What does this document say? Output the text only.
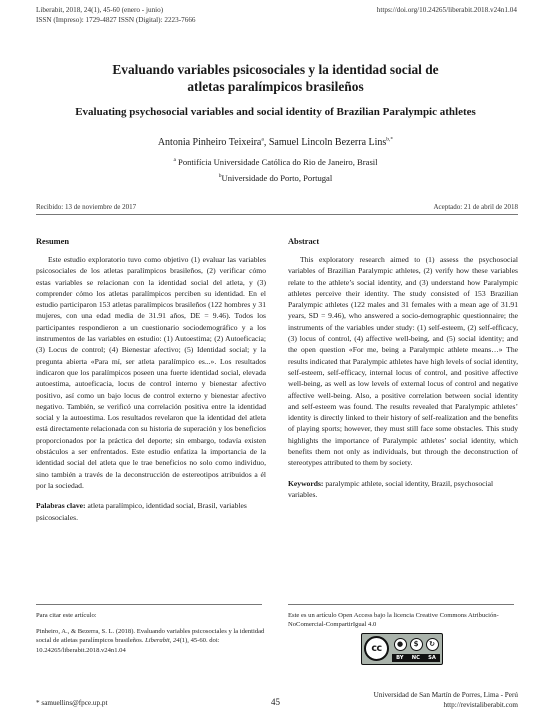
Liberabit, 2018, 24(1), 45-60 (enero - junio)
ISSN (Impreso): 1729-4827 ISSN (Digital): 2223-7666
https://doi.org/10.24265/liberabit.2018.v24n1.04
Evaluando variables psicosociales y la identidad social de
atletas paralímpicos brasileños
Evaluating psychosocial variables and social identity of Brazilian Paralympic athletes
Antonia Pinheiro Teixeira$^a$, Samuel Lincoln Bezerra Lins$^{b,*}$
$^a$ Pontifícia Universidade Católica do Rio de Janeiro, Brasil
$^b$Universidade do Porto, Portugal
Recibido: 13 de noviembre de 2017	Aceptado: 21 de abril de 2018
Resumen

Este estudio exploratorio tuvo como objetivo (1) evaluar las variables psicosociales de los atletas paralímpicos brasileños, (2) verificar cómo estas variables se relacionan con la identidad social del atleta, y (3) comprender cómo los atletas paralímpicos perciben su identidad. En el estudio participaron 153 atletas paralímpicos brasileños (122 hombres y 31 mujeres, con una edad media de 31.91 años, DE = 9.46). Todos los participantes respondieron a un cuestionario sociodemográfico y a los instrumentos de las variables en estudio: (1) Autoestima; (2) Autoeficacia; (3) Locus de control; (4) Bienestar afectivo; (5) Identidad social; y la pregunta abierta «Para mí, ser atleta paralímpico es...». Los resultados indicaron que los paralímpicos poseen una fuerte identidad social, elevada autoestima, autoeficacia, locus de control interno y bienestar afectivo positivo, así como un bajo locus de control externo y bienestar afectivo negativo. También, se verificó una correlación positiva entre la identidad social y la autoestima. Los resultados revelaron que la identidad del atleta está directamente relacionada con su historia de superación y los beneficios proporcionados por la práctica del deporte; sin embargo, todavía existen obstáculos a ser enfrentados. Este estudio enfatiza la importancia de la identidad social del atleta que le trae beneficios no solo como individuo, sino también a través de la deconstrucción de estereotipos atribuidos a él por la sociedad.

Palabras clave: atleta paralímpico, identidad social, Brasil, variables psicosociales.
Abstract

This exploratory research aimed to (1) assess the psychosocial variables of Brazilian Paralympic athletes, (2) verify how these variables relate to the athlete’s social identity, and (3) understand how Paralympic athletes perceive their identity. The study consisted of 153 Brazilian Paralympic athletes (122 males and 31 females with a mean age of 31.91 years, SD = 9.46), who answered a socio-demographic questionnaire; the instruments of the variables under study: (1) self-esteem, (2) self-efficacy, (3) locus of control, (4) affective well-being, and (5) social identity; and the open question «For me, being a Paralympic athlete means…» The results indicated that Paralympic athletes have high levels of social identity, self-esteem, self-efficacy, internal locus of control, and positive affective well-being, as well as low levels of external locus of control and negative affective well-being. Also, a positive correlation between social identity and self-esteem was found. The results revealed that Paralympic athletes’ identity is directly linked to their history of self-realization and the benefits of playing sports; however, they must still face some obstacles. This study highlights the importance of Paralympic athletes’ social identity, which benefits them not only as individuals, but through the deconstruction of stereotypes attributed to them by society.

Keywords: paralympic athlete, social identity, Brazil, psychosocial variables.
Para citar este artículo:
Pinheiro, A., & Bezerra, S. L. (2018). Evaluando variables psicosociales y la identidad social de atletas paralímpicos brasileños. Liberabit, 24(1), 45-60. doi: 10.24265/liberabit.2018.v24n1.04
Este es un artículo Open Access bajo la licencia Creative Commons Atribución-NoComercial-CompartirIgual 4.0
cc	●	$	↻
BY NC SA
* samuellins@fpce.up.pt	45
Universidad de San Martín de Porres, Lima - Perú
http://revistaliberabit.com
